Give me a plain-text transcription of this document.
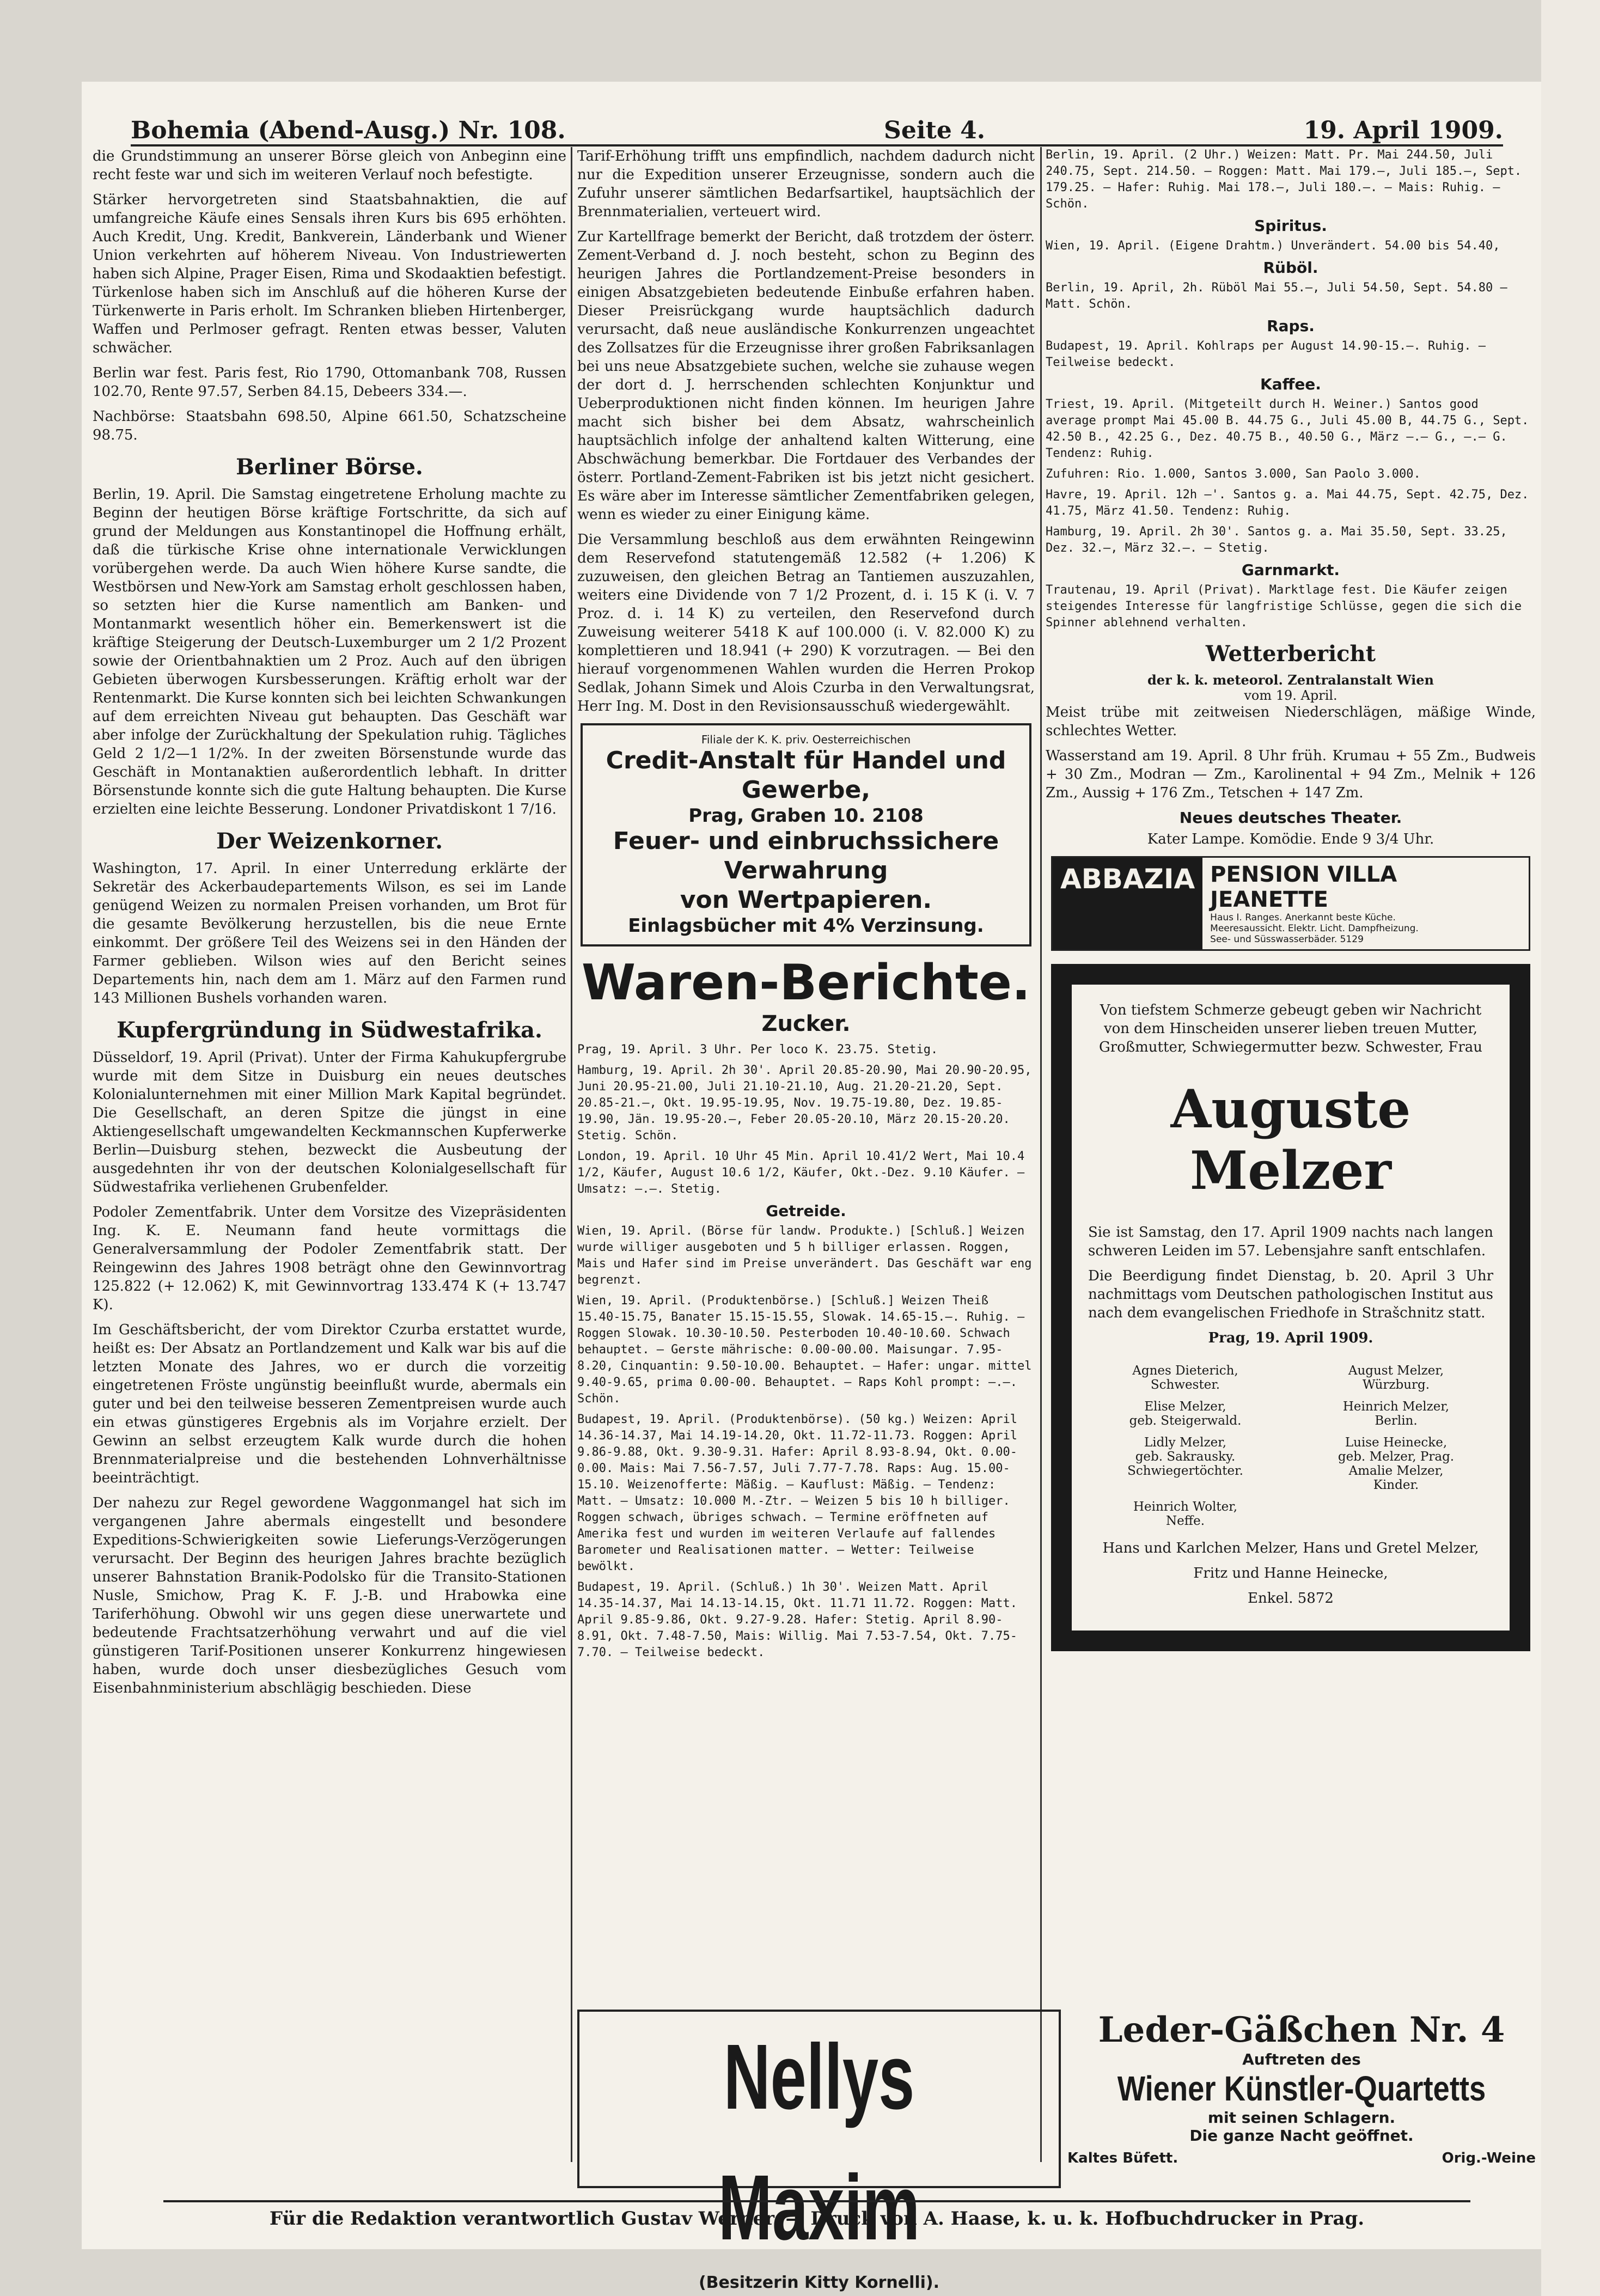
Bohemia (Abend-Ausg.) Nr. 108.	Seite 4.	19. April 1909.

die Grundstimmung an unserer Börse gleich von Anbeginn eine recht feste war und sich im weiteren Verlauf noch befestigte.

Stärker hervorgetreten sind Staatsbahnaktien, die auf umfangreiche Käufe eines Sensals ihren Kurs bis 695 erhöhten. Auch Kredit, Ung. Kredit, Bankverein, Länderbank und Wiener Union verkehrten auf höherem Niveau. Von Industriewerten haben sich Alpine, Prager Eisen, Rima und Skodaaktien befestigt. Türkenlose haben sich im Anschluß auf die höheren Kurse der Türkenwerte in Paris erholt. Im Schranken blieben Hirtenberger, Waffen und Perlmoser gefragt. Renten etwas besser, Valuten schwächer.

Berlin war fest. Paris fest, Rio 1790, Ottomanbank 708, Russen 102.70, Rente 97.57, Serben 84.15, Debeers 334.—.

Nachbörse: Staatsbahn 698.50, Alpine 661.50, Schatzscheine 98.75.

Berliner Börse.

Berlin, 19. April. Die Samstag eingetretene Erholung machte zu Beginn der heutigen Börse kräftige Fortschritte, da sich auf grund der Meldungen aus Konstantinopel die Hoffnung erhält, daß die türkische Krise ohne internationale Verwicklungen vorübergehen werde. Da auch Wien höhere Kurse sandte, die Westbörsen und New-York am Samstag erholt geschlossen haben, so setzten hier die Kurse namentlich am Banken- und Montanmarkt wesentlich höher ein. Bemerkenswert ist die kräftige Steigerung der Deutsch-Luxemburger um 2 1/2 Prozent sowie der Orientbahnaktien um 2 Proz. Auch auf den übrigen Gebieten überwogen Kursbesserungen. Kräftig erholt war der Rentenmarkt. Die Kurse konnten sich bei leichten Schwankungen auf dem erreichten Niveau gut behaupten. Das Geschäft war aber infolge der Zurückhaltung der Spekulation ruhig. Tägliches Geld 2 1/2—1 1/2%. In der zweiten Börsenstunde wurde das Geschäft in Montanaktien außerordentlich lebhaft. In dritter Börsenstunde konnte sich die gute Haltung behaupten. Die Kurse erzielten eine leichte Besserung. Londoner Privatdiskont 1 7/16.

Der Weizenkorner.

Washington, 17. April. In einer Unterredung erklärte der Sekretär des Ackerbaudepartements Wilson, es sei im Lande genügend Weizen zu normalen Preisen vorhanden, um Brot für die gesamte Bevölkerung herzustellen, bis die neue Ernte einkommt. Der größere Teil des Weizens sei in den Händen der Farmer geblieben. Wilson wies auf den Bericht seines Departements hin, nach dem am 1. März auf den Farmen rund 143 Millionen Bushels vorhanden waren.

Kupfergründung in Südwestafrika.

Düsseldorf, 19. April (Privat). Unter der Firma Kahukupfergrube wurde mit dem Sitze in Duisburg ein neues deutsches Kolonialunternehmen mit einer Million Mark Kapital begründet. Die Gesellschaft, an deren Spitze die jüngst in eine Aktiengesellschaft umgewandelten Keckmannschen Kupferwerke Berlin—Duisburg stehen, bezweckt die Ausbeutung der ausgedehnten ihr von der deutschen Kolonialgesellschaft für Südwestafrika verliehenen Grubenfelder.

Podoler Zementfabrik. Unter dem Vorsitze des Vizepräsidenten Ing. K. E. Neumann fand heute vormittags die Generalversammlung der Podoler Zementfabrik statt. Der Reingewinn des Jahres 1908 beträgt ohne den Gewinnvortrag 125.822 (+ 12.062) K, mit Gewinnvortrag 133.474 K (+ 13.747 K).

Im Geschäftsbericht, der vom Direktor Czurba erstattet wurde, heißt es: Der Absatz an Portlandzement und Kalk war bis auf die letzten Monate des Jahres, wo er durch die vorzeitig eingetretenen Fröste ungünstig beeinflußt wurde, abermals ein guter und bei den teilweise besseren Zementpreisen wurde auch ein etwas günstigeres Ergebnis als im Vorjahre erzielt. Der Gewinn an selbst erzeugtem Kalk wurde durch die hohen Brennmaterialpreise und die bestehenden Lohnverhältnisse beeinträchtigt.

Der nahezu zur Regel gewordene Waggonmangel hat sich im vergangenen Jahre abermals eingestellt und besondere Expeditions-Schwierigkeiten sowie Lieferungs-Verzögerungen verursacht. Der Beginn des heurigen Jahres brachte bezüglich unserer Bahnstation Branik-Podolsko für die Transito-Stationen Nusle, Smichow, Prag K. F. J.-B. und Hrabowka eine Tariferhöhung. Obwohl wir uns gegen diese unerwartete und bedeutende Frachtsatzerhöhung verwahrt und auf die viel günstigeren Tarif-Positionen unserer Konkurrenz hingewiesen haben, wurde doch unser diesbezügliches Gesuch vom Eisenbahnministerium abschlägig beschieden. Diese

Tarif-Erhöhung trifft uns empfindlich, nachdem dadurch nicht nur die Expedition unserer Erzeugnisse, sondern auch die Zufuhr unserer sämtlichen Bedarfsartikel, hauptsächlich der Brennmaterialien, verteuert wird.

Zur Kartellfrage bemerkt der Bericht, daß trotzdem der österr. Zement-Verband d. J. noch besteht, schon zu Beginn des heurigen Jahres die Portlandzement-Preise besonders in einigen Absatzgebieten bedeutende Einbuße erfahren haben. Dieser Preisrückgang wurde hauptsächlich dadurch verursacht, daß neue ausländische Konkurrenzen ungeachtet des Zollsatzes für die Erzeugnisse ihrer großen Fabriksanlagen bei uns neue Absatzgebiete suchen, welche sie zuhause wegen der dort d. J. herrschenden schlechten Konjunktur und Ueberproduktionen nicht finden können. Im heurigen Jahre macht sich bisher bei dem Absatz, wahrscheinlich hauptsächlich infolge der anhaltend kalten Witterung, eine Abschwächung bemerkbar. Die Fortdauer des Verbandes der österr. Portland-Zement-Fabriken ist bis jetzt nicht gesichert. Es wäre aber im Interesse sämtlicher Zementfabriken gelegen, wenn es wieder zu einer Einigung käme.

Die Versammlung beschloß aus dem erwähnten Reingewinn dem Reservefond statutengemäß 12.582 (+ 1.206) K zuzuweisen, den gleichen Betrag an Tantiemen auszuzahlen, weiters eine Dividende von 7 1/2 Prozent, d. i. 15 K (i. V. 7 Proz. d. i. 14 K) zu verteilen, den Reservefond durch Zuweisung weiterer 5418 K auf 100.000 (i. V. 82.000 K) zu komplettieren und 18.941 (+ 290) K vorzutragen. — Bei den hierauf vorgenommenen Wahlen wurden die Herren Prokop Sedlak, Johann Simek und Alois Czurba in den Verwaltungsrat, Herr Ing. M. Dost in den Revisionsausschuß wiedergewählt.

Filiale der K. K. priv. Oesterreichischen
Credit-Anstalt für Handel und Gewerbe,
Prag, Graben 10. 2108
Feuer- und einbruchssichere Verwahrung
von Wertpapieren.
Einlagsbücher mit 4% Verzinsung.
Waren-Berichte.
Zucker.

Prag, 19. April. 3 Uhr. Per loco K. 23.75. Stetig.

Hamburg, 19. April. 2h 30'. April 20.85-20.90, Mai 20.90-20.95, Juni 20.95-21.00, Juli 21.10-21.10, Aug. 21.20-21.20, Sept. 20.85-21.—, Okt. 19.95-19.95, Nov. 19.75-19.80, Dez. 19.85-19.90, Jän. 19.95-20.—, Feber 20.05-20.10, März 20.15-20.20. Stetig. Schön.

London, 19. April. 10 Uhr 45 Min. April 10.41/2 Wert, Mai 10.4 1/2, Käufer, August 10.6 1/2, Käufer, Okt.-Dez. 9.10 Käufer. — Umsatz: —.—. Stetig.

Getreide.

Wien, 19. April. (Börse für landw. Produkte.) [Schluß.] Weizen wurde williger ausgeboten und 5 h billiger erlassen. Roggen, Mais und Hafer sind im Preise unverändert. Das Geschäft war eng begrenzt.

Wien, 19. April. (Produktenbörse.) [Schluß.] Weizen Theiß 15.40-15.75, Banater 15.15-15.55, Slowak. 14.65-15.—. Ruhig. — Roggen Slowak. 10.30-10.50. Pesterboden 10.40-10.60. Schwach behauptet. — Gerste mährische: 0.00-00.00. Maisungar. 7.95-8.20, Cinquantin: 9.50-10.00. Behauptet. — Hafer: ungar. mittel 9.40-9.65, prima 0.00-00. Behauptet. — Raps Kohl prompt: —.—. Schön.

Budapest, 19. April. (Produktenbörse). (50 kg.) Weizen: April 14.36-14.37, Mai 14.19-14.20, Okt. 11.72-11.73. Roggen: April 9.86-9.88, Okt. 9.30-9.31. Hafer: April 8.93-8.94, Okt. 0.00-0.00. Mais: Mai 7.56-7.57, Juli 7.77-7.78. Raps: Aug. 15.00-15.10. Weizenofferte: Mäßig. — Kauflust: Mäßig. — Tendenz: Matt. — Umsatz: 10.000 M.-Ztr. — Weizen 5 bis 10 h billiger. Roggen schwach, übriges schwach. — Termine eröffneten auf Amerika fest und wurden im weiteren Verlaufe auf fallendes Barometer und Realisationen matter. — Wetter: Teilweise bewölkt.

Budapest, 19. April. (Schluß.) 1h 30'. Weizen Matt. April 14.35-14.37, Mai 14.13-14.15, Okt. 11.71 11.72. Roggen: Matt. April 9.85-9.86, Okt. 9.27-9.28. Hafer: Stetig. April 8.90-8.91, Okt. 7.48-7.50, Mais: Willig. Mai 7.53-7.54, Okt. 7.75-7.70. — Teilweise bedeckt.

Berlin, 19. April. (2 Uhr.) Weizen: Matt. Pr. Mai 244.50, Juli 240.75, Sept. 214.50. — Roggen: Matt. Mai 179.—, Juli 185.—, Sept. 179.25. — Hafer: Ruhig. Mai 178.—, Juli 180.—. — Mais: Ruhig. — Schön.

Spiritus.

Wien, 19. April. (Eigene Drahtm.) Unverändert. 54.00 bis 54.40,

Rüböl.

Berlin, 19. April, 2h. Rüböl Mai 55.—, Juli 54.50, Sept. 54.80 — Matt. Schön.

Raps.

Budapest, 19. April. Kohlraps per August 14.90-15.—. Ruhig. — Teilweise bedeckt.

Kaffee.

Triest, 19. April. (Mitgeteilt durch H. Weiner.) Santos good average prompt Mai 45.00 B. 44.75 G., Juli 45.00 B, 44.75 G., Sept. 42.50 B., 42.25 G., Dez. 40.75 B., 40.50 G., März —.— G., —.— G. Tendenz: Ruhig.

Zufuhren: Rio. 1.000, Santos 3.000, San Paolo 3.000.

Havre, 19. April. 12h —'. Santos g. a. Mai 44.75, Sept. 42.75, Dez. 41.75, März 41.50. Tendenz: Ruhig.

Hamburg, 19. April. 2h 30'. Santos g. a. Mai 35.50, Sept. 33.25, Dez. 32.—, März 32.—. — Stetig.

Garnmarkt.

Trautenau, 19. April (Privat). Marktlage fest. Die Käufer zeigen steigendes Interesse für langfristige Schlüsse, gegen die sich die Spinner ablehnend verhalten.

Wetterbericht
der k. k. meteorol. Zentralanstalt Wien
vom 19. April.

Meist trübe mit zeitweisen Niederschlägen, mäßige Winde, schlechtes Wetter.

Wasserstand am 19. April. 8 Uhr früh. Krumau + 55 Zm., Budweis + 30 Zm., Modran — Zm., Karolinental + 94 Zm., Melnik + 126 Zm., Aussig + 176 Zm., Tetschen + 147 Zm.

Neues deutsches Theater.

Kater Lampe. Komödie. Ende 9 3/4 Uhr.

ABBAZIA PENSION VILLA JEANETTE
Haus I. Ranges. Anerkannt beste Küche.
Meeresaussicht. Elektr. Licht. Dampfheizung.
See- und Süsswasserbäder. 5129

Von tiefstem Schmerze gebeugt geben wir Nachricht von dem Hinscheiden unserer lieben treuen Mutter, Großmutter, Schwiegermutter bezw. Schwester, Frau

Auguste Melzer

Sie ist Samstag, den 17. April 1909 nachts nach langen schweren Leiden im 57. Lebensjahre sanft entschlafen.

Die Beerdigung findet Dienstag, b. 20. April 3 Uhr nachmittags vom Deutschen pathologischen Institut aus nach dem evangelischen Friedhofe in Strašchnitz statt.

Prag, 19. April 1909.

Agnes Dieterich,
Schwester.
August Melzer,
Würzburg.
Elise Melzer,
geb. Steigerwald.
Heinrich Melzer,
Berlin.
Lidly Melzer,
geb. Sakrausky.
Schwiegertöchter.
Luise Heinecke,
geb. Melzer, Prag.
Amalie Melzer,
Kinder.
Heinrich Wolter,
Neffe.

Hans und Karlchen Melzer, Hans und Gretel Melzer,

Fritz und Hanne Heinecke,

Enkel. 5872

Nellys Maxim
(Besitzerin Kitty Kornelli).
Leder-Gäßchen Nr. 4
Auftreten des
Wiener Künstler-Quartetts
mit seinen Schlagern.
Die ganze Nacht geöffnet.
Kaltes Büfett.	Orig.-Weine
Für die Redaktion verantwortlich Gustav Werner. — Druck von A. Haase, k. u. k. Hofbuchdrucker in Prag.
